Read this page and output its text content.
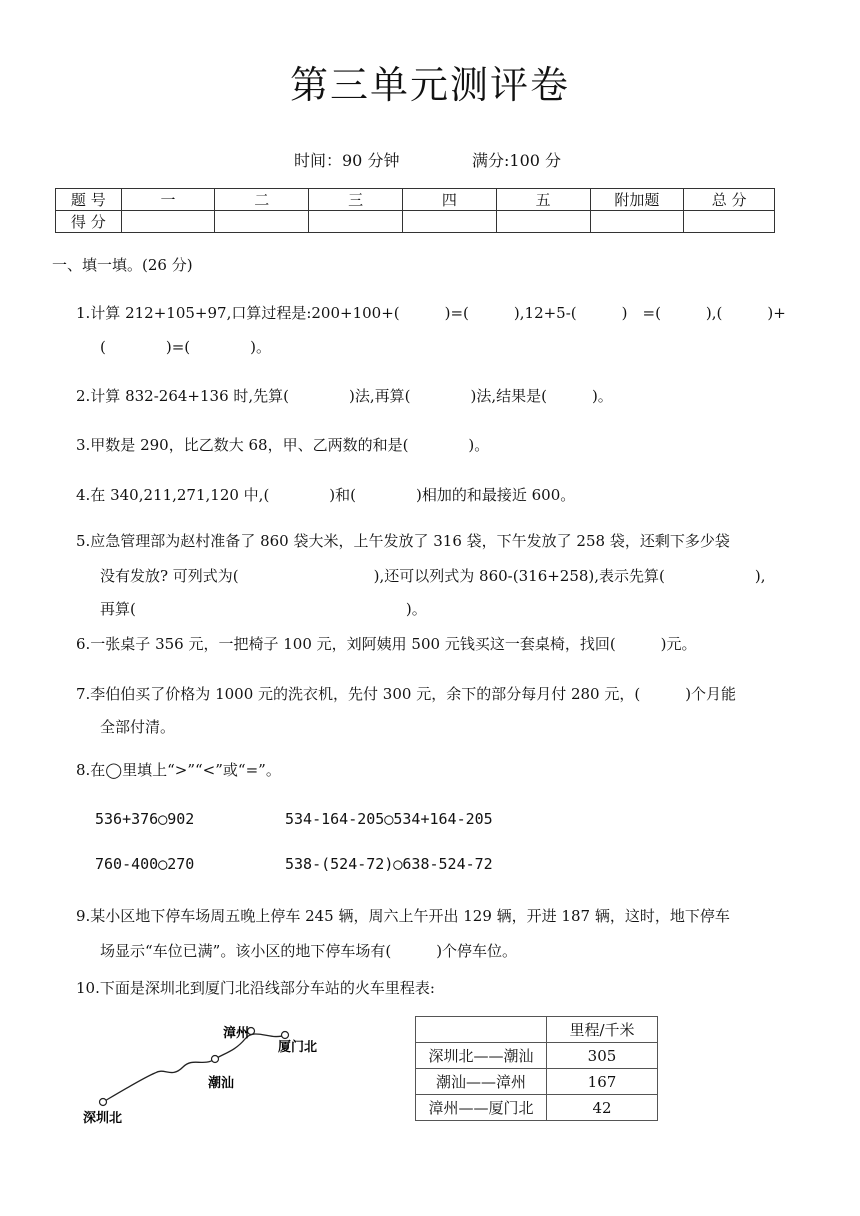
第三单元测评卷
时间：90 分钟	满分:100 分
题 号	一	二	三	四	五	附加题	总 分
得 分							
一、填一填。(26 分)
1.计算 212+105+97,口算过程是:200+100+(　　　)=(　　　),12+5-(　　　)　=(　　　),(　　　)+
(　　　　)=(　　　　)。
2.计算 832-264+136 时,先算(　　　　)法,再算(　　　　)法,结果是(　　　)。
3.甲数是 290，比乙数大 68，甲、乙两数的和是(　　　　)。
4.在 340,211,271,120 中,(　　　　)和(　　　　)相加的和最接近 600。
5.应急管理部为赵村准备了 860 袋大米，上午发放了 316 袋，下午发放了 258 袋，还剩下多少袋
没有发放? 可列式为(　　　　　　　　　),还可以列式为 860-(316+258),表示先算(　　　　　　),
再算(　　　　　　　　　　　　　　　　　　)。
6.一张桌子 356 元，一把椅子 100 元，刘阿姨用 500 元钱买这一套桌椅，找回(　　　)元。
7.李伯伯买了价格为 1000 元的洗衣机，先付 300 元，余下的部分每月付 280 元，(　　　)个月能
全部付清。
8.在◯里填上“>”“<”或“=”。
536+376◯902	534-164-205◯534+164-205
760-400◯270	538-(524-72)◯638-524-72
9.某小区地下停车场周五晚上停车 245 辆，周六上午开出 129 辆，开进 187 辆，这时，地下停车
场显示“车位已满”。该小区的地下停车场有(　　　)个停车位。
10.下面是深圳北到厦门北沿线部分车站的火车里程表:
漳州
厦门北
潮汕
深圳北
	里程/千米
深圳北——潮汕	305
潮汕——漳州	167
漳州——厦门北	42
